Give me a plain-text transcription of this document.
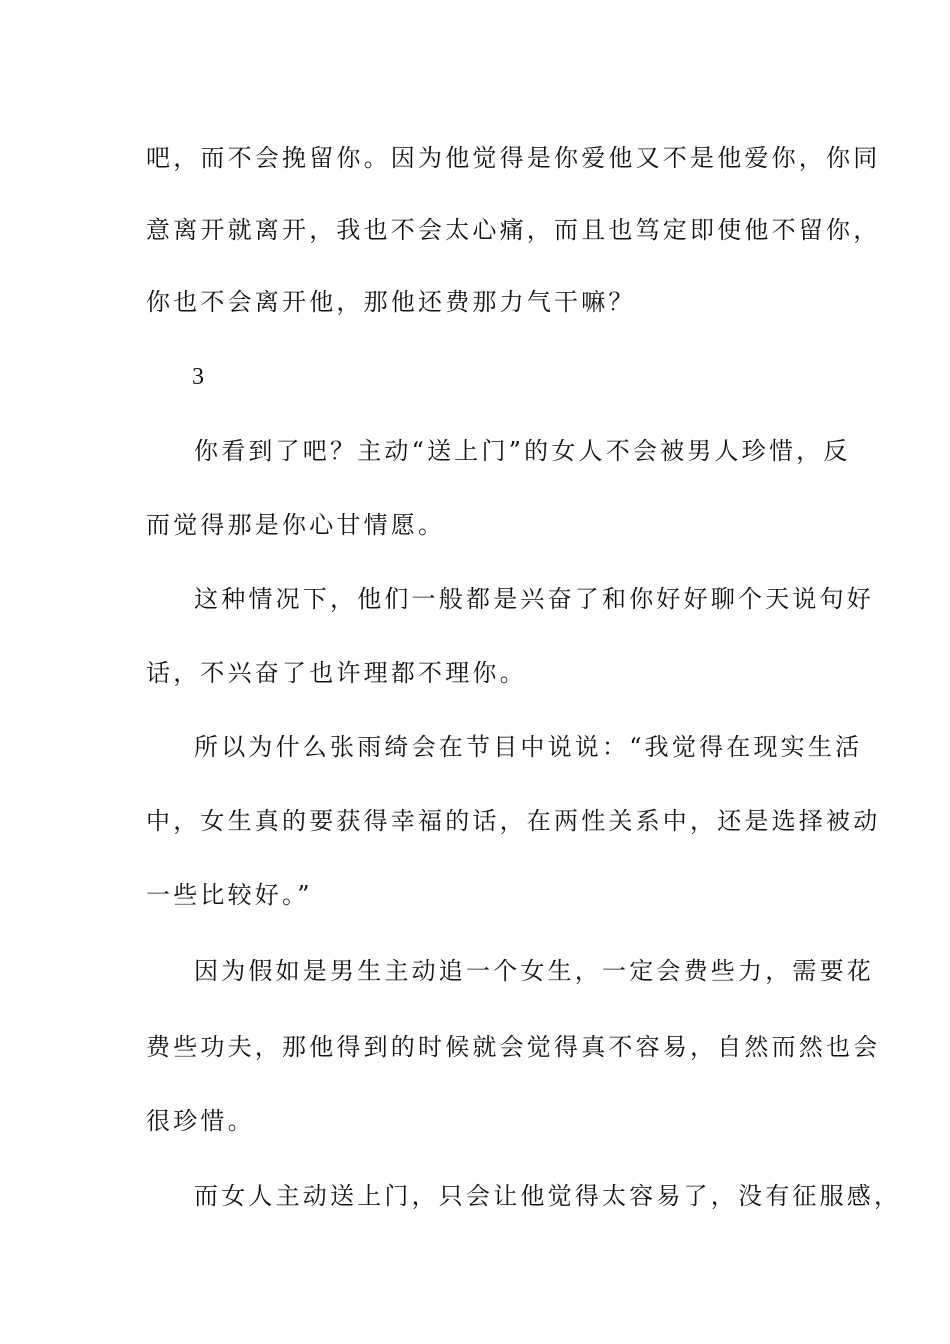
吧，而不会挽留你。因为他觉得是你爱他又不是他爱你，你同
意离开就离开，我也不会太心痛，而且也笃定即使他不留你，
你也不会离开他，那他还费那力气干嘛？
3
你看到了吧？主动“送上门”的女人不会被男人珍惜，反
而觉得那是你心甘情愿。
这种情况下，他们一般都是兴奋了和你好好聊个天说句好
话，不兴奋了也许理都不理你。
所以为什么张雨绮会在节目中说说：“我觉得在现实生活
中，女生真的要获得幸福的话，在两性关系中，还是选择被动
一些比较好。”
因为假如是男生主动追一个女生，一定会费些力，需要花
费些功夫，那他得到的时候就会觉得真不容易，自然而然也会
很珍惜。
而女人主动送上门，只会让他觉得太容易了，没有征服感，
